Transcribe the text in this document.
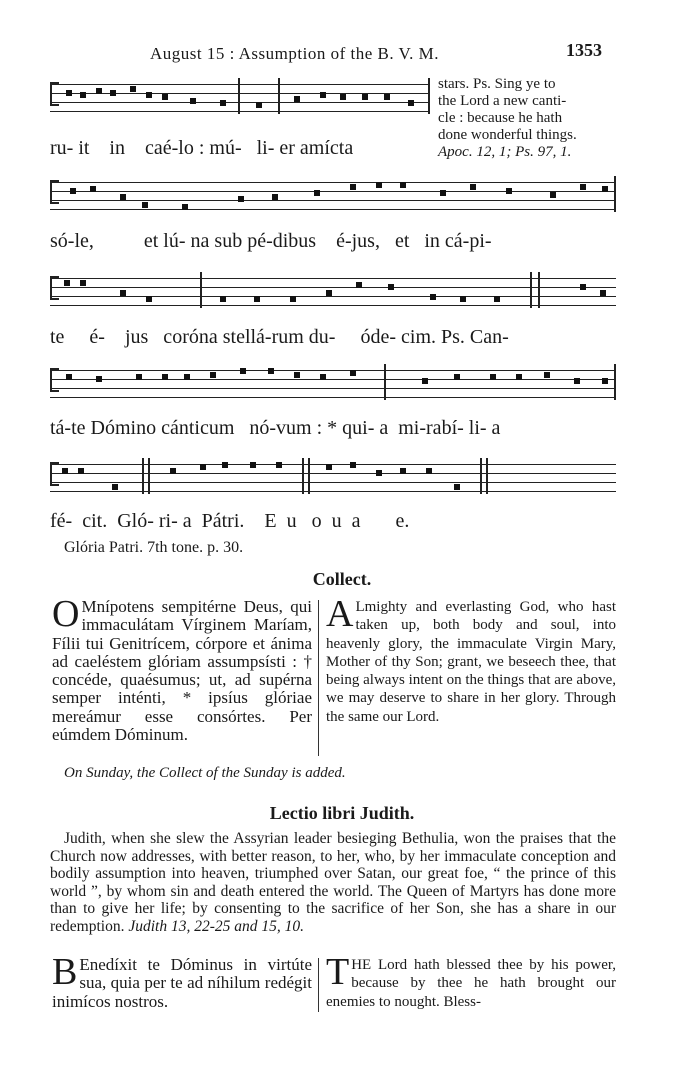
August 15 : Assumption of the B. V. M.	1353
ru- it    in    caé-lo : mú-   li- er amícta
stars. Ps. Sing ye to
the Lord a new canti-
cle : because he hath
done wonderful things.
Apoc. 12, 1; Ps. 97, 1.
só-le,          et lú- na sub pé-dibus    é-jus,   et   in cá-pi-
te     é-    jus   coróna stellá-rum du-     óde- cim. Ps. Can-
tá-te Dómino cánticum   nó-vum : * qui- a  mi-rabí- li- a
fé-  cit.  Gló- ri- a  Pátri.    E  u   o  u  a       e.
Glória Patri. 7th tone. p. 30.
Collect.
O Mnípotens sempitérne Deus, qui immaculátam Vírginem Maríam, Fílii tui Genitrícem, córpore et ánima ad caeléstem glóriam assumpsísti : † concéde, quaésumus; ut, ad supérna semper inténti, * ipsíus glóriae mereámur esse consórtes. Per eúmdem Dóminum.
A Lmighty and everlasting God, who hast taken up, both body and soul, into heavenly glory, the immaculate Virgin Mary, Mother of thy Son; grant, we beseech thee, that being always intent on the things that are above, we may deserve to share in her glory. Through the same our Lord.
On Sunday, the Collect of the Sunday is added.
Lectio libri Judith.
Judith, when she slew the Assyrian leader besieging Bethulia, won the praises that the Church now addresses, with better reason, to her, who, by her immaculate conception and bodily assumption into heaven, triumphed over Satan, our great foe, “ the prince of this world ”, by whom sin and death entered the world. The Queen of Martyrs has done more than to give her life; by consenting to the sacrifice of her Son, she has a share in our redemption. Judith 13, 22-25 and 15, 10.
B Enedíxit te Dóminus in virtúte sua, quia per te ad níhilum redégit inimícos nostros.
THE Lord hath blessed thee by his power, because by thee he hath brought our enemies to nought. Bless-
